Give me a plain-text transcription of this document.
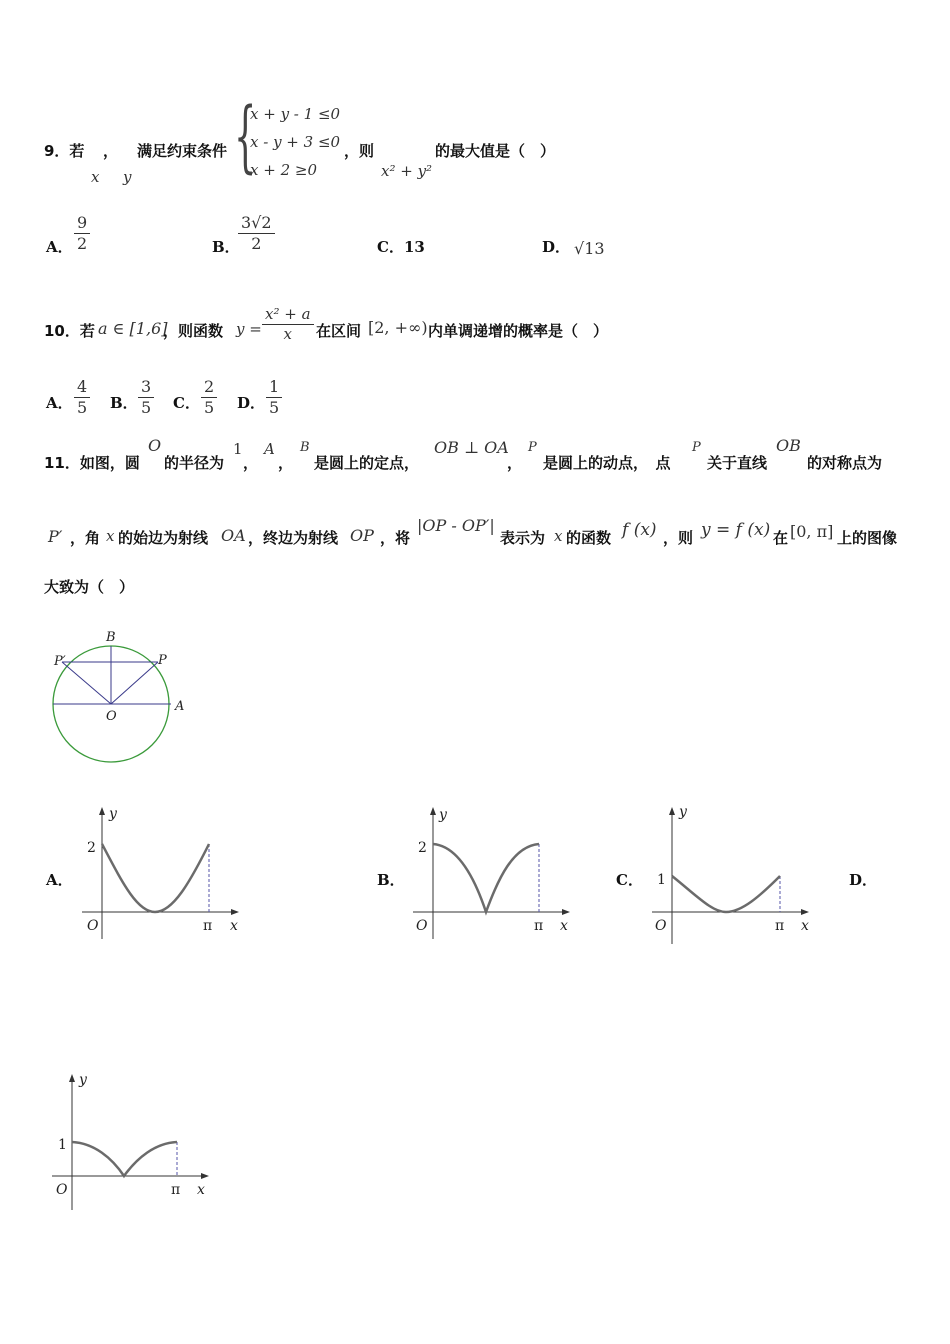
9．若 ，
x y
满足约束条件 {
x + y - 1 ≤0
x - y + 3 ≤0
x + 2 ≥0
，则
x² + y²
的最大值是（　）
A． $\frac{9}{2}$	B．
$\frac{3√2}{2}$	C．13	D． √13
10．若 a ∈ [1,6]
，则函数 $y = \frac{\text{x² + a}}{x}$ 在区间 [2, +∞) 内单调递增的概率是（　）
A． $\frac{4}{5}$ B． $\frac{3}{5}$ C． $\frac{2}{5}$ D． $\frac{1}{5}$
11．如图，圆
O
的半径为
1
，
A
，
B
是圆上的定点，
OB ⊥ OA
，
P
是圆上的动点，　点
P
关于直线
OB
的对称点为
P′ ，角 x 的始边为射线 OA ，终边为射线 OP ，将
|OP - OP′|
表示为 x 的函数 f (x) ，则 y = f (x) 在 [0, π] 上的图像
大致为（　）
B
P′	P
O
A
A．
2
O	π x
y
B．
2
O	π x
y
C． 1
O	π x
y
D．
1
O	π x
y
